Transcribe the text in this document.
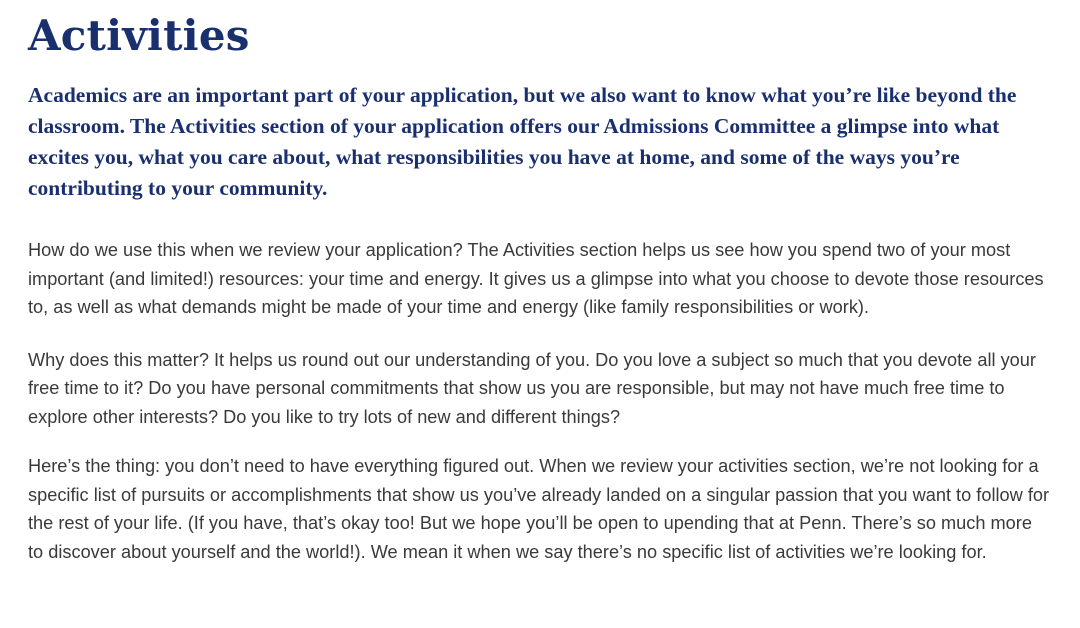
Activities

Academics are an important part of your application, but we also want to know what you’re like beyond the classroom. The Activities section of your application offers our Admissions Committee a glimpse into what excites you, what you care about, what responsibilities you have at home, and some of the ways you’re contributing to your community.

How do we use this when we review your application? The Activities section helps us see how you spend two of your most important (and limited!) resources: your time and energy. It gives us a glimpse into what you choose to devote those resources to, as well as what demands might be made of your time and energy (like family responsibilities or work).

Why does this matter? It helps us round out our understanding of you. Do you love a subject so much that you devote all your free time to it? Do you have personal commitments that show us you are responsible, but may not have much free time to explore other interests? Do you like to try lots of new and different things?

Here’s the thing: you don’t need to have everything figured out. When we review your activities section, we’re not looking for a specific list of pursuits or accomplishments that show us you’ve already landed on a singular passion that you want to follow for the rest of your life. (If you have, that’s okay too! But we hope you’ll be open to upending that at Penn. There’s so much more to discover about yourself and the world!). We mean it when we say there’s no specific list of activities we’re looking for.
